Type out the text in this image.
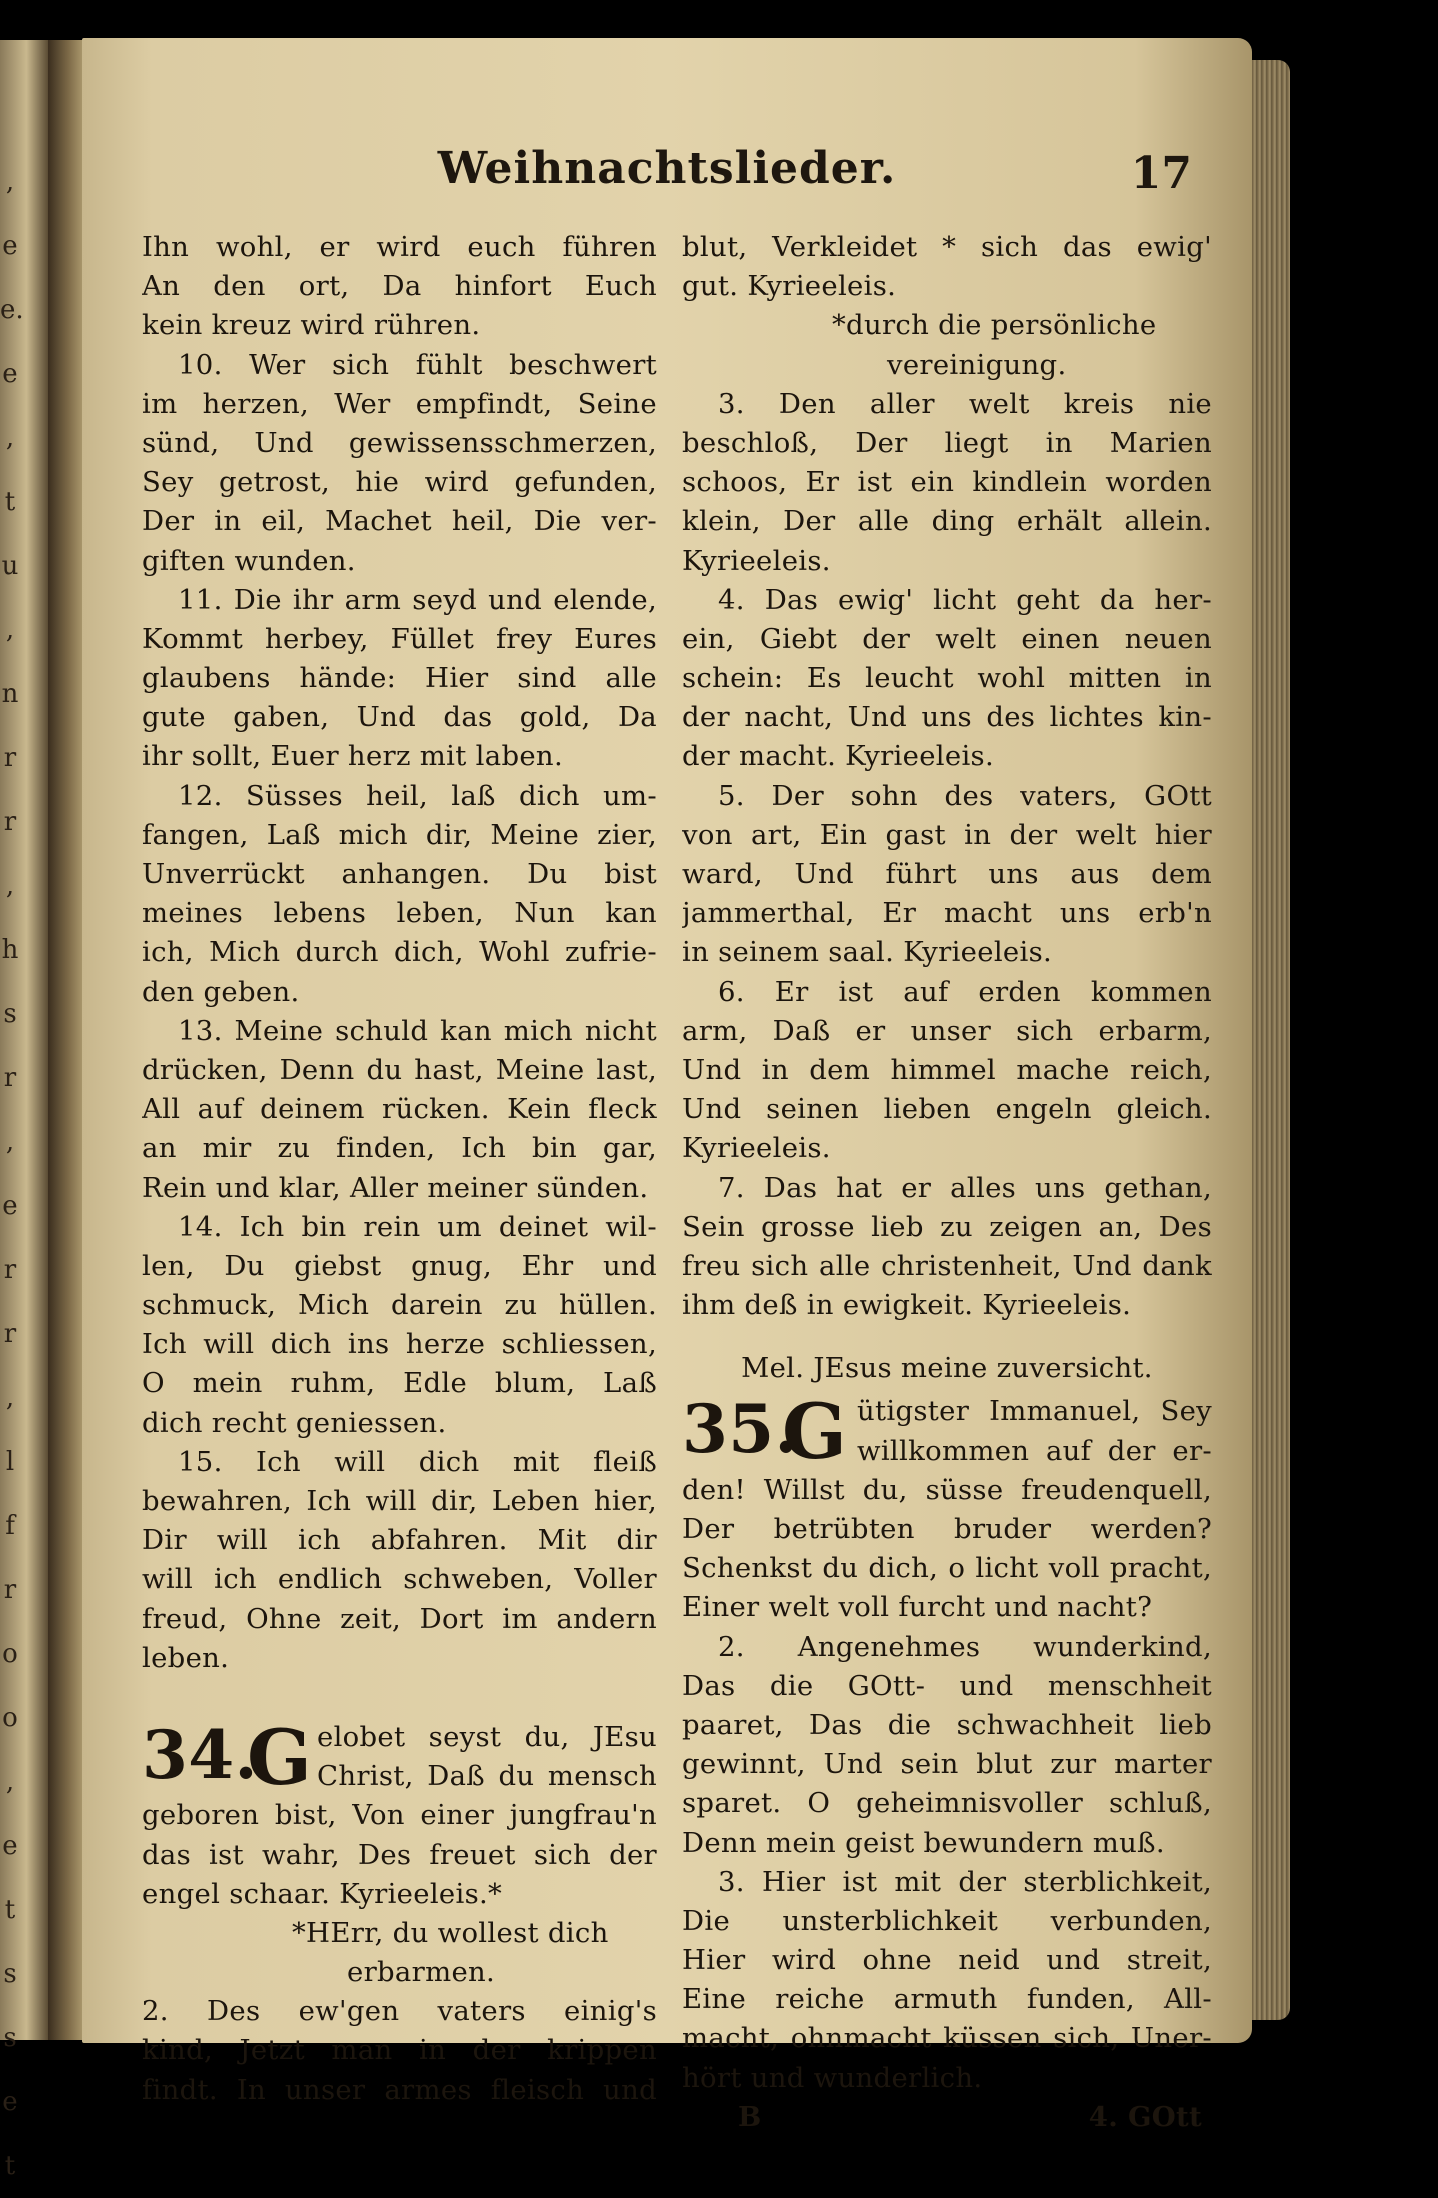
,
e
e.
e
,
t
u
,
n
r
r
,
h
s
r
,
e
r
r
,
l
f
r
o
o
,
e
t
s
s
e
t
Weihnachtslieder.	17
Ihn wohl, er wird euch führen
An den ort, Da hinfort Euch
kein kreuz wird rühren.
10. Wer sich fühlt beschwert
im herzen, Wer empfindt, Seine
sünd, Und gewissensschmerzen,
Sey getrost, hie wird gefunden,
Der in eil, Machet heil, Die ver-
giften wunden.
11. Die ihr arm seyd und elende,
Kommt herbey, Füllet frey Eures
glaubens hände: Hier sind alle
gute gaben, Und das gold, Da
ihr sollt, Euer herz mit laben.
12. Süsses heil, laß dich um-
fangen, Laß mich dir, Meine zier,
Unverrückt anhangen. Du bist
meines lebens leben, Nun kan
ich, Mich durch dich, Wohl zufrie-
den geben.
13. Meine schuld kan mich nicht
drücken, Denn du hast, Meine last,
All auf deinem rücken. Kein fleck
an mir zu finden, Ich bin gar,
Rein und klar, Aller meiner sünden.
14. Ich bin rein um deinet wil-
len, Du giebst gnug, Ehr und
schmuck, Mich darein zu hüllen.
Ich will dich ins herze schliessen,
O mein ruhm, Edle blum, Laß
dich recht geniessen.
15. Ich will dich mit fleiß
bewahren, Ich will dir, Leben hier,
Dir will ich abfahren. Mit dir
will ich endlich schweben, Voller
freud, Ohne zeit, Dort im andern
leben.
34.
G elobet seyst du, JEsu
Christ, Daß du mensch
geboren bist, Von einer jungfrau'n
das ist wahr, Des freuet sich der
engel schaar. Kyrieeleis.*
*HErr, du wollest dich
erbarmen.
2. Des ew'gen vaters einig's
kind, Jetzt man in der krippen
findt. In unser armes fleisch und
blut, Verkleidet * sich das ewig'
gut. Kyrieeleis.
*durch die persönliche
vereinigung.
3. Den aller welt kreis nie
beschloß, Der liegt in Marien
schoos, Er ist ein kindlein worden
klein, Der alle ding erhält allein.
Kyrieeleis.
4. Das ewig' licht geht da her-
ein, Giebt der welt einen neuen
schein: Es leucht wohl mitten in
der nacht, Und uns des lichtes kin-
der macht. Kyrieeleis.
5. Der sohn des vaters, GOtt
von art, Ein gast in der welt hier
ward, Und führt uns aus dem
jammerthal, Er macht uns erb'n
in seinem saal. Kyrieeleis.
6. Er ist auf erden kommen
arm, Daß er unser sich erbarm,
Und in dem himmel mache reich,
Und seinen lieben engeln gleich.
Kyrieeleis.
7. Das hat er alles uns gethan,
Sein grosse lieb zu zeigen an, Des
freu sich alle christenheit, Und dank
ihm deß in ewigkeit. Kyrieeleis.
Mel. JEsus meine zuversicht.
35.
G ütigster Immanuel, Sey
willkommen auf der er-
den! Willst du, süsse freudenquell,
Der betrübten bruder werden?
Schenkst du dich, o licht voll pracht,
Einer welt voll furcht und nacht?
2. Angenehmes wunderkind,
Das die GOtt- und menschheit
paaret, Das die schwachheit lieb
gewinnt, Und sein blut zur marter
sparet. O geheimnisvoller schluß,
Denn mein geist bewundern muß.
3. Hier ist mit der sterblichkeit,
Die unsterblichkeit verbunden,
Hier wird ohne neid und streit,
Eine reiche armuth funden, All-
macht, ohnmacht küssen sich, Uner-
hört und wunderlich.
B	4. GOtt
